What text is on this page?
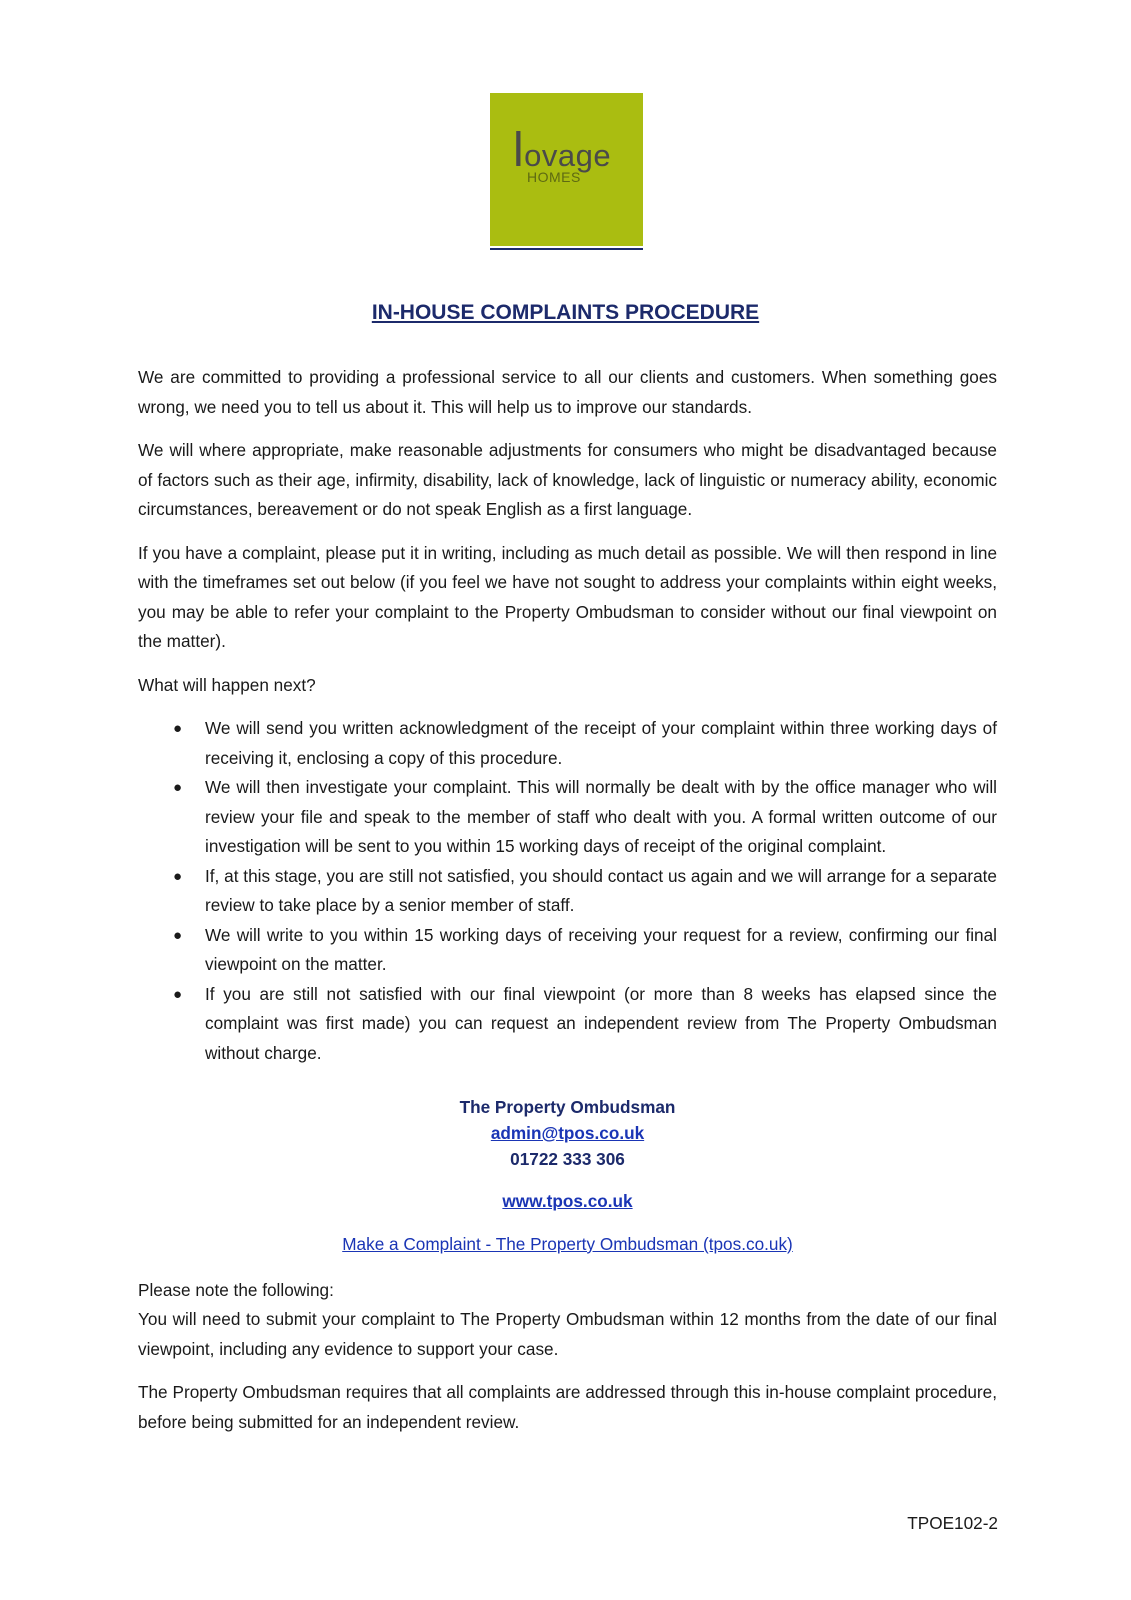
lovage
HOMES
IN-HOUSE COMPLAINTS PROCEDURE

We are committed to providing a professional service to all our clients and customers. When something goes wrong, we need you to tell us about it. This will help us to improve our standards.

We will where appropriate, make reasonable adjustments for consumers who might be disadvantaged because of factors such as their age, infirmity, disability, lack of knowledge, lack of linguistic or numeracy ability, economic circumstances, bereavement or do not speak English as a first language.

If you have a complaint, please put it in writing, including as much detail as possible. We will then respond in line with the timeframes set out below (if you feel we have not sought to address your complaints within eight weeks, you may be able to refer your complaint to the Property Ombudsman to consider without our final viewpoint on the matter).

What will happen next?

● We will send you written acknowledgment of the receipt of your complaint within three working days of receiving it, enclosing a copy of this procedure.
● We will then investigate your complaint. This will normally be dealt with by the office manager who will review your file and speak to the member of staff who dealt with you. A formal written outcome of our investigation will be sent to you within 15 working days of receipt of the original complaint.
● If, at this stage, you are still not satisfied, you should contact us again and we will arrange for a separate review to take place by a senior member of staff.
● We will write to you within 15 working days of receiving your request for a review, confirming our final viewpoint on the matter.
● If you are still not satisfied with our final viewpoint (or more than 8 weeks has elapsed since the complaint was first made) you can request an independent review from The Property Ombudsman without charge.
The Property Ombudsman
admin@tpos.co.uk
01722 333 306
www.tpos.co.uk
Make a Complaint - The Property Ombudsman (tpos.co.uk)
Please note the following:

You will need to submit your complaint to The Property Ombudsman within 12 months from the date of our final viewpoint, including any evidence to support your case.

The Property Ombudsman requires that all complaints are addressed through this in-house complaint procedure, before being submitted for an independent review.

TPOE102-2
